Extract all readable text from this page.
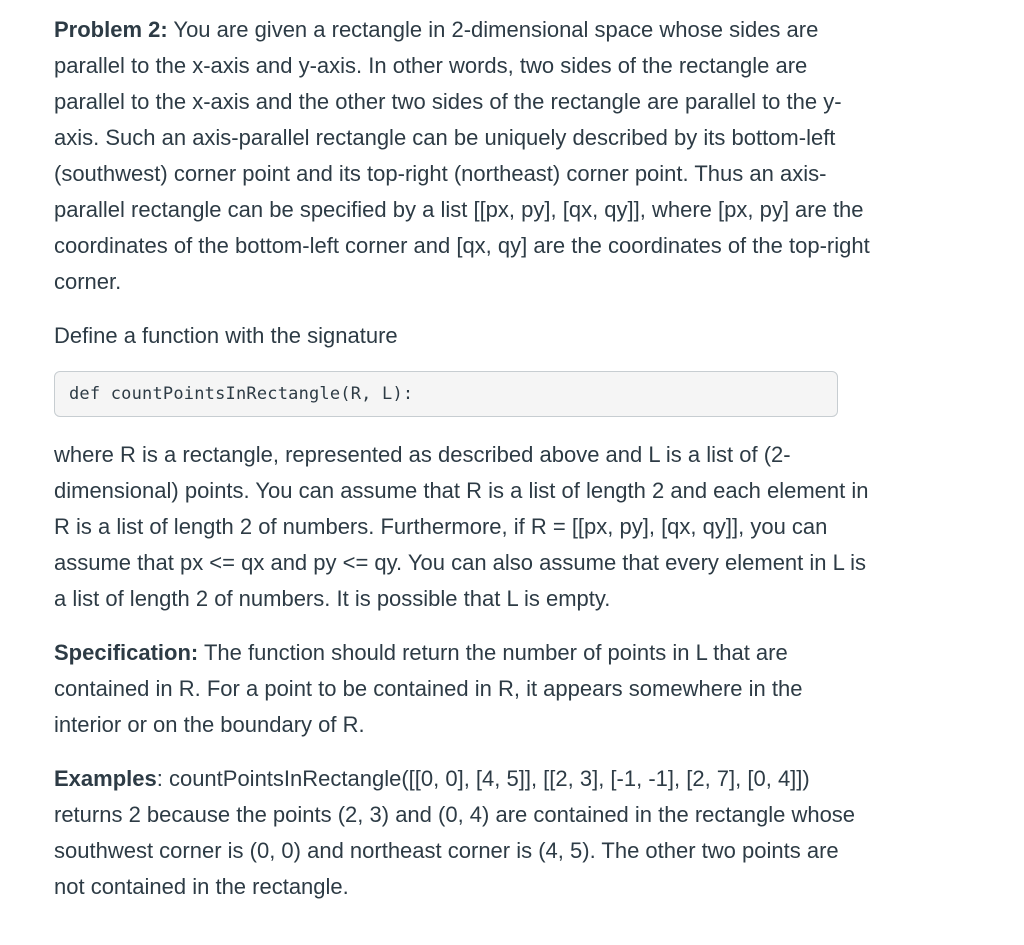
Problem 2: You are given a rectangle in 2-dimensional space whose sides are parallel to the x-axis and y-axis. In other words, two sides of the rectangle are parallel to the x-axis and the other two sides of the rectangle are parallel to the y-axis. Such an axis-parallel rectangle can be uniquely described by its bottom-left (southwest) corner point and its top-right (northeast) corner point. Thus an axis-parallel rectangle can be specified by a list [[px, py], [qx, qy]], where [px, py] are the coordinates of the bottom-left corner and [qx, qy] are the coordinates of the top-right corner.

Define a function with the signature

def countPointsInRectangle(R, L):

where R is a rectangle, represented as described above and L is a list of (2-dimensional) points. You can assume that R is a list of length 2 and each element in R is a list of length 2 of numbers. Furthermore, if R = [[px, py], [qx, qy]], you can assume that px <= qx and py <= qy. You can also assume that every element in L is a list of length 2 of numbers. It is possible that L is empty.

Specification: The function should return the number of points in L that are contained in R. For a point to be contained in R, it appears somewhere in the interior or on the boundary of R.

Examples: countPointsInRectangle([[0, 0], [4, 5]], [[2, 3], [-1, -1], [2, 7], [0, 4]]) returns 2 because the points (2, 3) and (0, 4) are contained in the rectangle whose southwest corner is (0, 0) and northeast corner is (4, 5). The other two points are not contained in the rectangle.
